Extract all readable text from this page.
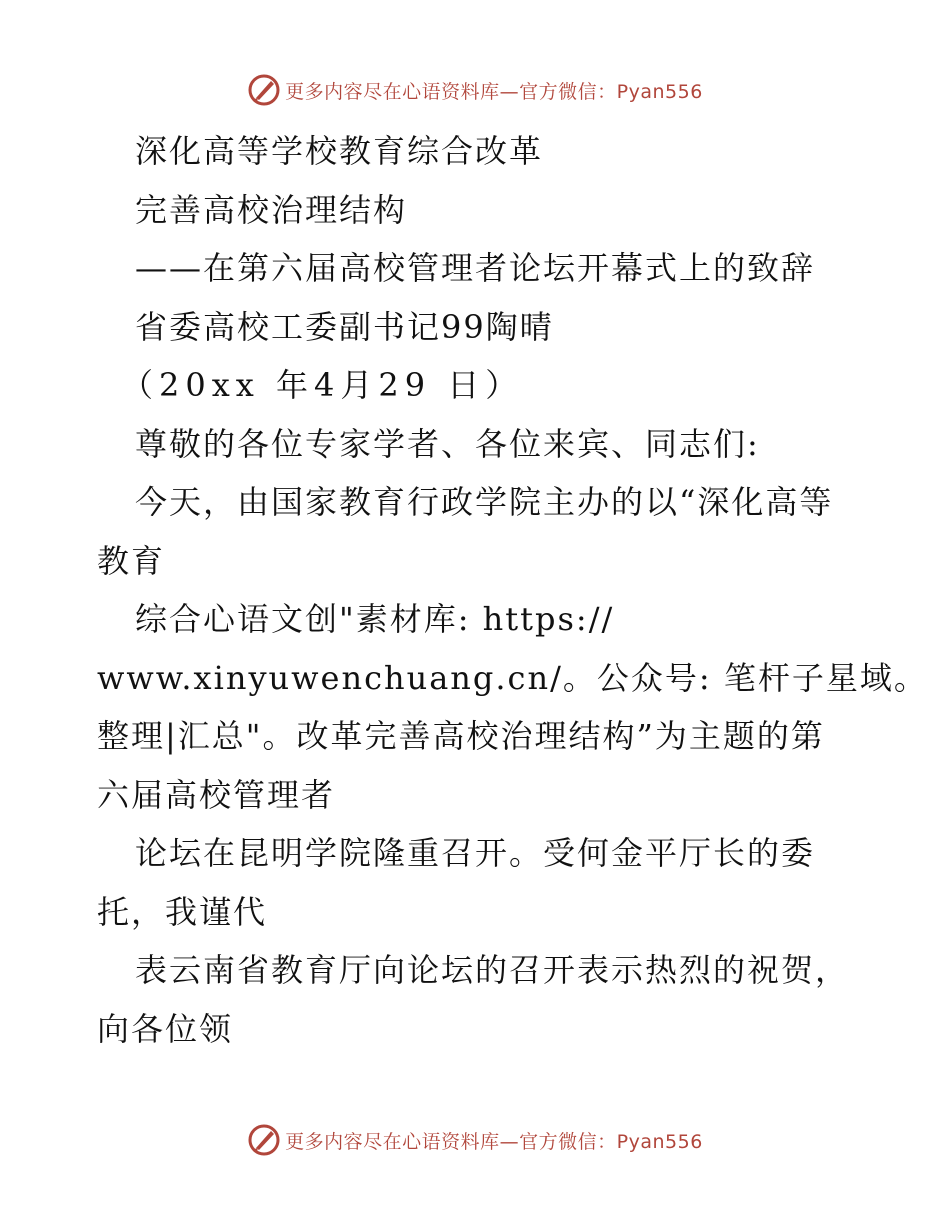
更多内容尽在心语资料库—官方微信：Pyan556
深化高等学校教育综合改革
完善高校治理结构
——在第六届高校管理者论坛开幕式上的致辞
省委高校工委副书记99陶晴
（20xx 年4月29 日）
尊敬的各位专家学者、各位来宾、同志们:
今天，由国家教育行政学院主办的以“深化高等
教育
综合心语文创"素材库: https://
www.xinyuwenchuang.cn/。公众号: 笔杆子星域。
整理|汇总"。改革完善高校治理结构”为主题的第
六届高校管理者
论坛在昆明学院隆重召开。受何金平厅长的委
托，我谨代
表云南省教育厅向论坛的召开表示热烈的祝贺，
向各位领
更多内容尽在心语资料库—官方微信：Pyan556
